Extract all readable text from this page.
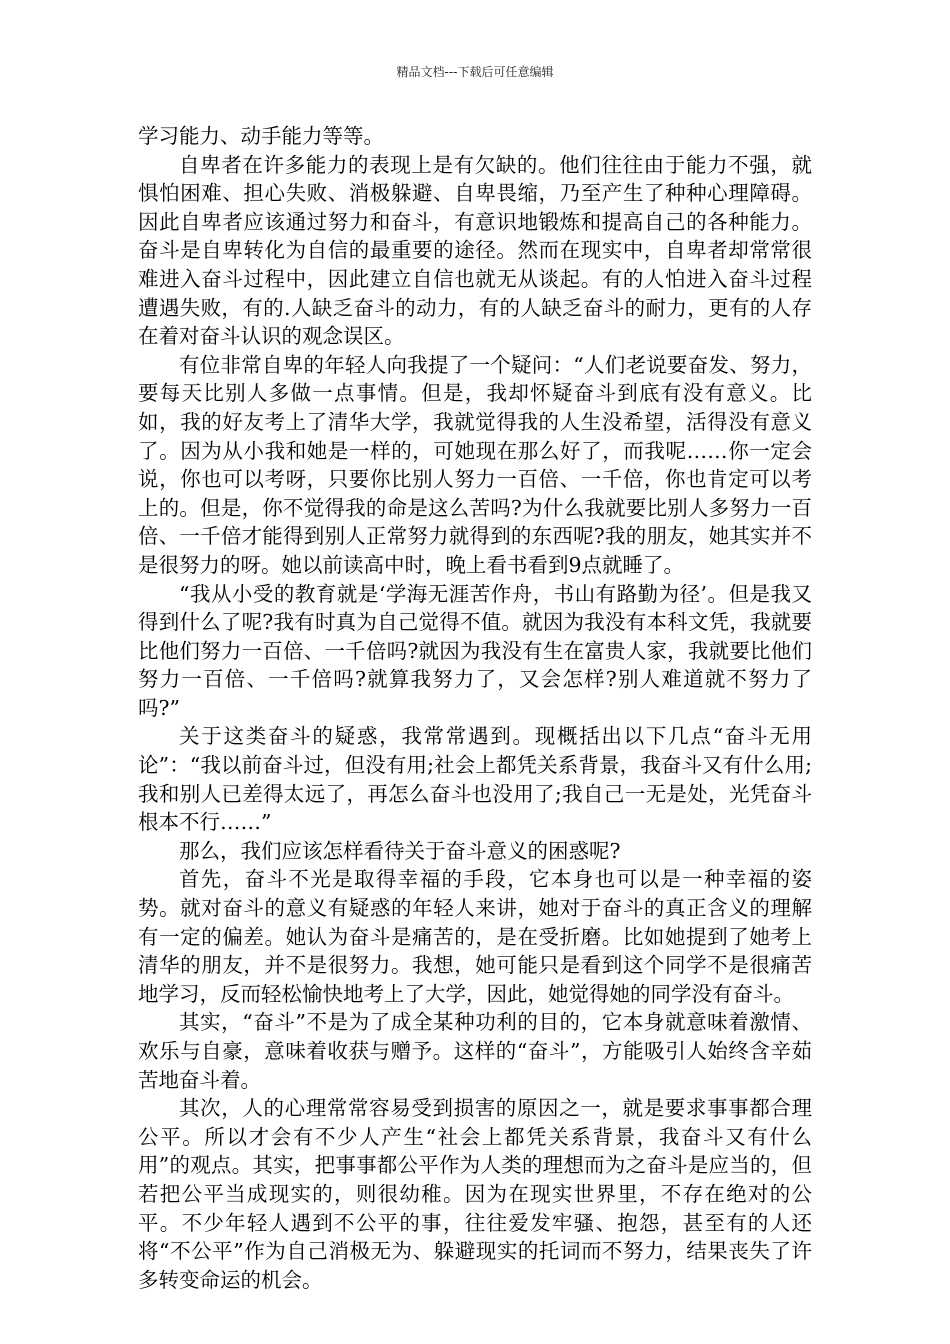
精品文档---下载后可任意编辑

学习能力、动手能力等等。

自卑者在许多能力的表现上是有欠缺的。他们往往由于能力不强，就惧怕困难、担心失败、消极躲避、自卑畏缩，乃至产生了种种心理障碍。因此自卑者应该通过努力和奋斗，有意识地锻炼和提高自己的各种能力。奋斗是自卑转化为自信的最重要的途径。然而在现实中，自卑者却常常很难进入奋斗过程中，因此建立自信也就无从谈起。有的人怕进入奋斗过程遭遇失败，有的.人缺乏奋斗的动力，有的人缺乏奋斗的耐力，更有的人存在着对奋斗认识的观念误区。

有位非常自卑的年轻人向我提了一个疑问：“人们老说要奋发、努力，要每天比别人多做一点事情。但是，我却怀疑奋斗到底有没有意义。比如，我的好友考上了清华大学，我就觉得我的人生没希望，活得没有意义了。因为从小我和她是一样的，可她现在那么好了，而我呢……你一定会说，你也可以考呀，只要你比别人努力一百倍、一千倍，你也肯定可以考上的。但是，你不觉得我的命是这么苦吗?为什么我就要比别人多努力一百倍、一千倍才能得到别人正常努力就得到的东西呢?我的朋友，她其实并不是很努力的呀。她以前读高中时，晚上看书看到9点就睡了。

“我从小受的教育就是‘学海无涯苦作舟，书山有路勤为径’。但是我又得到什么了呢?我有时真为自己觉得不值。就因为我没有本科文凭，我就要比他们努力一百倍、一千倍吗?就因为我没有生在富贵人家，我就要比他们努力一百倍、一千倍吗?就算我努力了，又会怎样?别人难道就不努力了吗?”

关于这类奋斗的疑惑，我常常遇到。现概括出以下几点“奋斗无用论”：“我以前奋斗过，但没有用;社会上都凭关系背景，我奋斗又有什么用;我和别人已差得太远了，再怎么奋斗也没用了;我自己一无是处，光凭奋斗根本不行……”

那么，我们应该怎样看待关于奋斗意义的困惑呢?

首先，奋斗不光是取得幸福的手段，它本身也可以是一种幸福的姿势。就对奋斗的意义有疑惑的年轻人来讲，她对于奋斗的真正含义的理解有一定的偏差。她认为奋斗是痛苦的，是在受折磨。比如她提到了她考上清华的朋友，并不是很努力。我想，她可能只是看到这个同学不是很痛苦地学习，反而轻松愉快地考上了大学，因此，她觉得她的同学没有奋斗。

其实，“奋斗”不是为了成全某种功利的目的，它本身就意味着激情、欢乐与自豪，意味着收获与赠予。这样的“奋斗”，方能吸引人始终含辛茹苦地奋斗着。

其次，人的心理常常容易受到损害的原因之一，就是要求事事都合理公平。所以才会有不少人产生“社会上都凭关系背景，我奋斗又有什么用”的观点。其实，把事事都公平作为人类的理想而为之奋斗是应当的，但若把公平当成现实的，则很幼稚。因为在现实世界里，不存在绝对的公平。不少年轻人遇到不公平的事，往往爱发牢骚、抱怨，甚至有的人还将“不公平”作为自己消极无为、躲避现实的托词而不努力，结果丧失了许多转变命运的机会。
